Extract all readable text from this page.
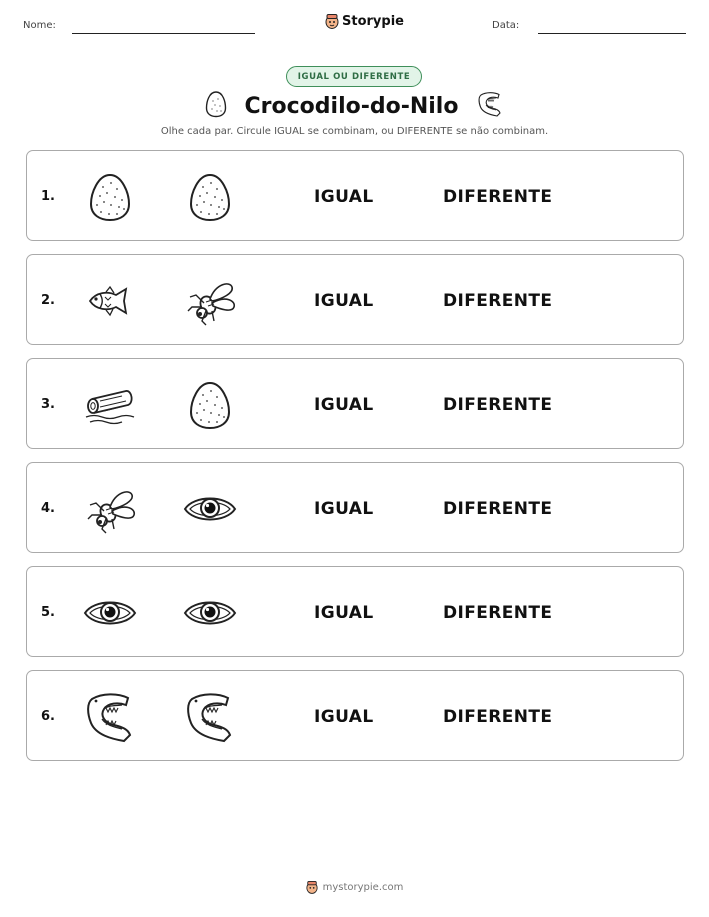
Nome:	Storypie	Data:
IGUAL OU DIFERENTE
Crocodilo-do-Nilo
Olhe cada par. Circule IGUAL se combinam, ou DIFERENTE se não combinam.
1.	IGUAL	DIFERENTE
2.	IGUAL	DIFERENTE
3.	IGUAL	DIFERENTE
4.	IGUAL	DIFERENTE
5.	IGUAL	DIFERENTE
6.	IGUAL	DIFERENTE
mystorypie.com
